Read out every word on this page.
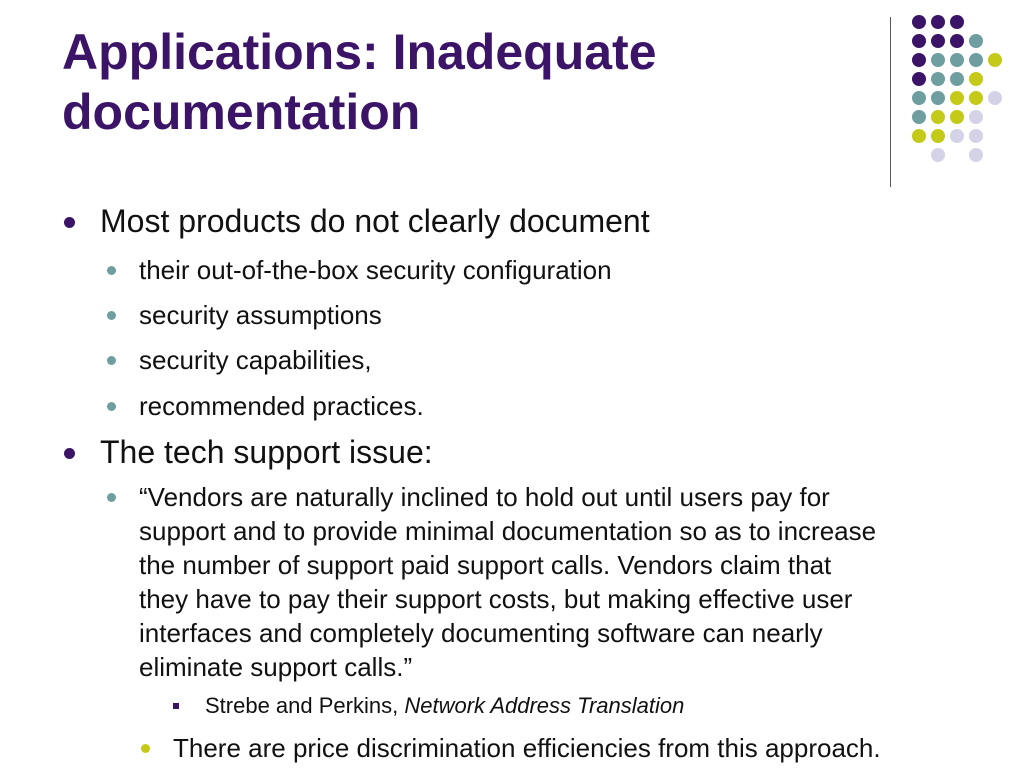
Applications: Inadequate
documentation
Most products do not clearly document
their out-of-the-box security configuration
security assumptions
security capabilities,
recommended practices.
The tech support issue:
“Vendors are naturally inclined to hold out until users pay for
support and to provide minimal documentation so as to increase
the number of support paid support calls. Vendors claim that
they have to pay their support costs, but making effective user
interfaces and completely documenting software can nearly
eliminate support calls.”
Strebe and Perkins, Network Address Translation
There are price discrimination efficiencies from this approach.
